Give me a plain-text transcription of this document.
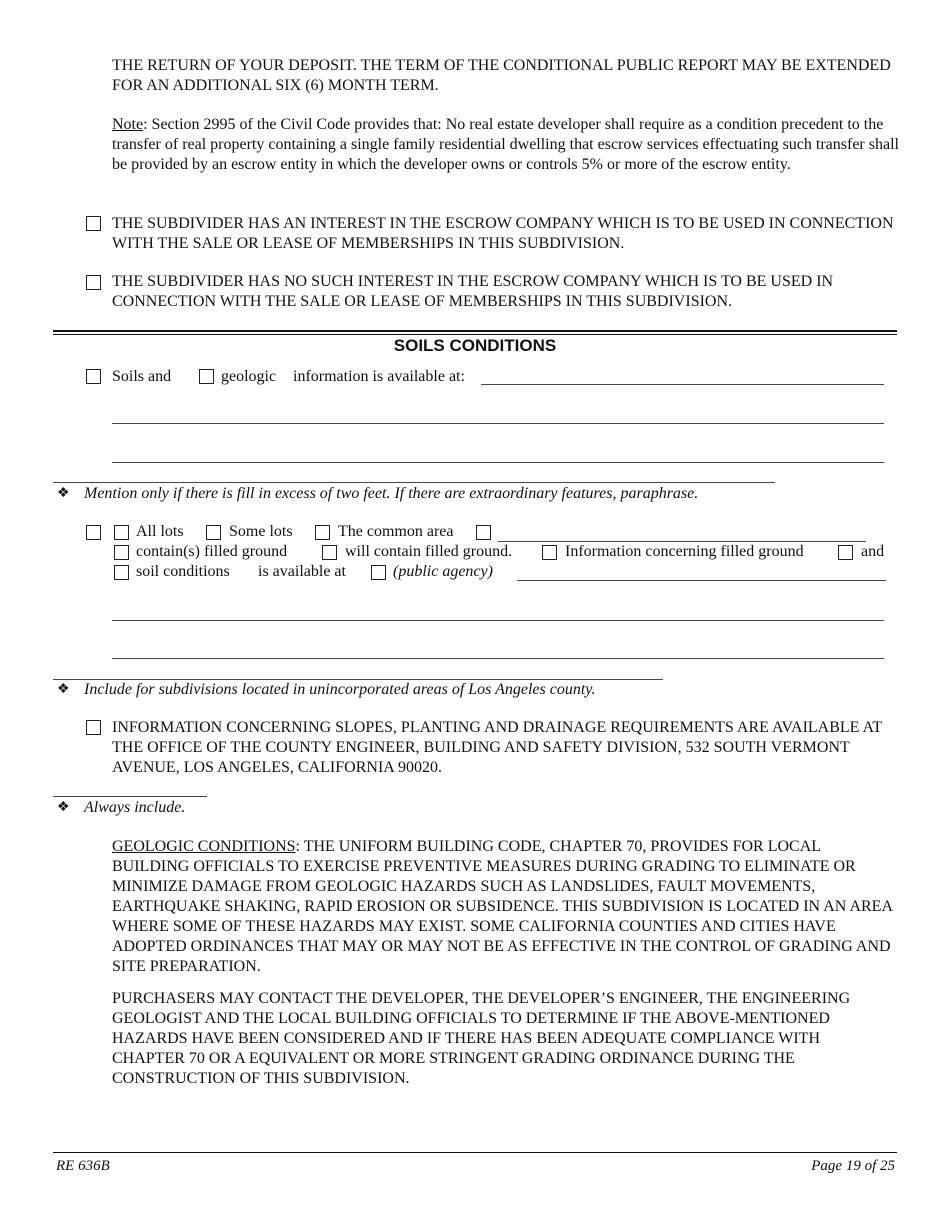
THE RETURN OF YOUR DEPOSIT. THE TERM OF THE CONDITIONAL PUBLIC REPORT MAY BE EXTENDED FOR AN ADDITIONAL SIX (6) MONTH TERM.
Note: Section 2995 of the Civil Code provides that: No real estate developer shall require as a condition precedent to the transfer of real property containing a single family residential dwelling that escrow services effectuating such transfer shall be provided by an escrow entity in which the developer owns or controls 5% or more of the escrow entity.
THE SUBDIVIDER HAS AN INTEREST IN THE ESCROW COMPANY WHICH IS TO BE USED IN CONNECTION WITH THE SALE OR LEASE OF MEMBERSHIPS IN THIS SUBDIVISION.
THE SUBDIVIDER HAS NO SUCH INTEREST IN THE ESCROW COMPANY WHICH IS TO BE USED IN CONNECTION WITH THE SALE OR LEASE OF MEMBERSHIPS IN THIS SUBDIVISION.
SOILS CONDITIONS
Soils and	geologic information is available at:
❖ Mention only if there is fill in excess of two feet. If there are extraordinary features, paraphrase.
All lots	Some lots	The common area
contain(s) filled ground	will contain filled ground.	Information concerning filled ground	and
soil conditions is available at	(public agency)
❖ Include for subdivisions located in unincorporated areas of Los Angeles county.
INFORMATION CONCERNING SLOPES, PLANTING AND DRAINAGE REQUIREMENTS ARE AVAILABLE AT THE OFFICE OF THE COUNTY ENGINEER, BUILDING AND SAFETY DIVISION, 532 SOUTH VERMONT AVENUE, LOS ANGELES, CALIFORNIA 90020.
❖ Always include.
GEOLOGIC CONDITIONS: THE UNIFORM BUILDING CODE, CHAPTER 70, PROVIDES FOR LOCAL BUILDING OFFICIALS TO EXERCISE PREVENTIVE MEASURES DURING GRADING TO ELIMINATE OR MINIMIZE DAMAGE FROM GEOLOGIC HAZARDS SUCH AS LANDSLIDES, FAULT MOVEMENTS, EARTHQUAKE SHAKING, RAPID EROSION OR SUBSIDENCE. THIS SUBDIVISION IS LOCATED IN AN AREA WHERE SOME OF THESE HAZARDS MAY EXIST. SOME CALIFORNIA COUNTIES AND CITIES HAVE ADOPTED ORDINANCES THAT MAY OR MAY NOT BE AS EFFECTIVE IN THE CONTROL OF GRADING AND SITE PREPARATION.
PURCHASERS MAY CONTACT THE DEVELOPER, THE DEVELOPER’S ENGINEER, THE ENGINEERING GEOLOGIST AND THE LOCAL BUILDING OFFICIALS TO DETERMINE IF THE ABOVE-MENTIONED HAZARDS HAVE BEEN CONSIDERED AND IF THERE HAS BEEN ADEQUATE COMPLIANCE WITH CHAPTER 70 OR A EQUIVALENT OR MORE STRINGENT GRADING ORDINANCE DURING THE CONSTRUCTION OF THIS SUBDIVISION.
RE 636B	Page 19 of 25
